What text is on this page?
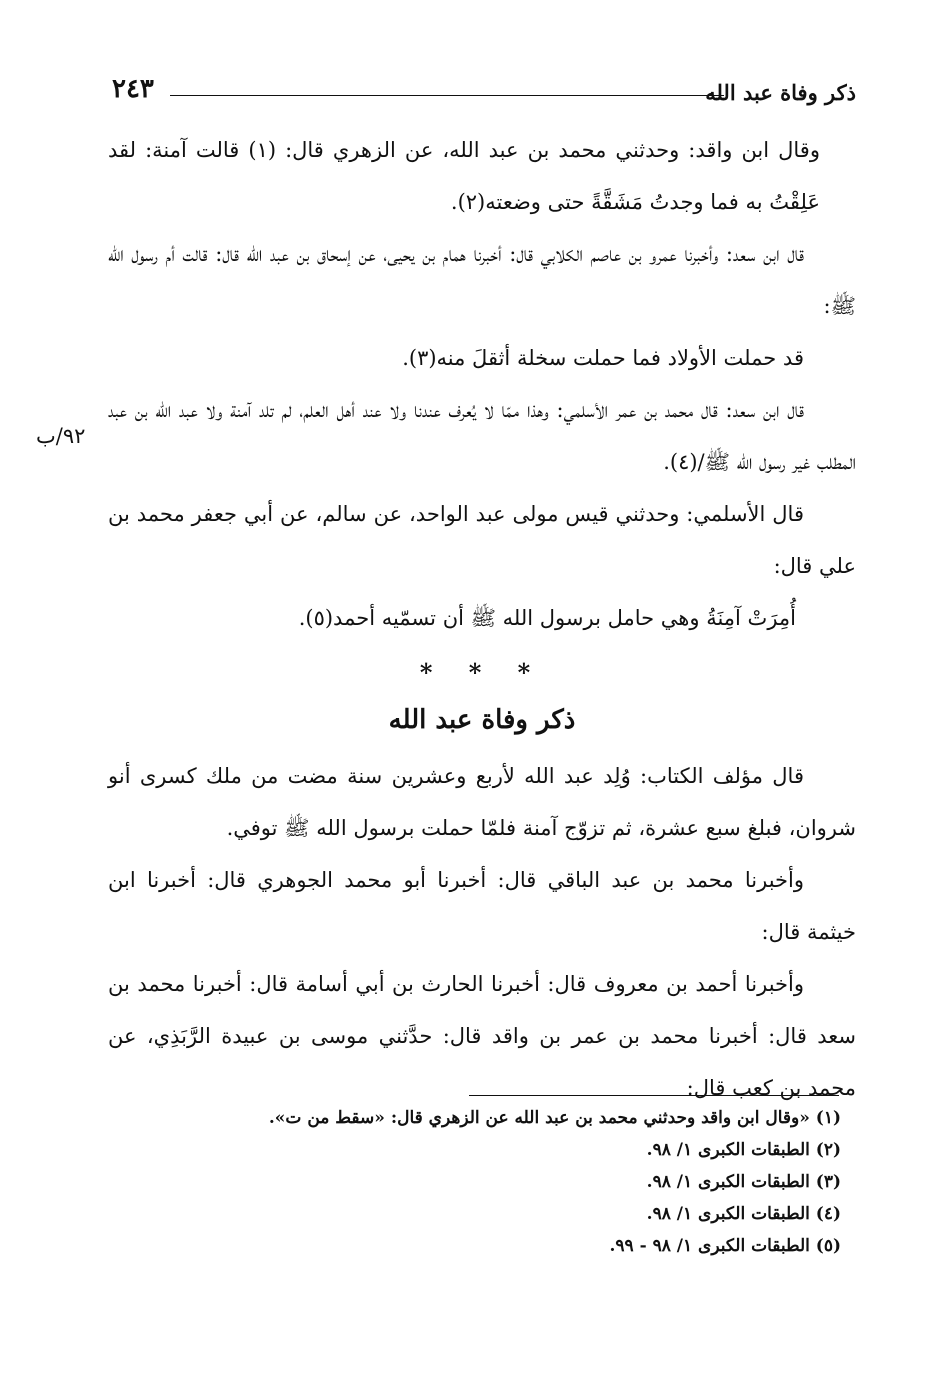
٢٤٣	ذكر وفاة عبد الله
٩٢/ب

وقال ابن واقد: وحدثني محمد بن عبد الله، عن الزهري قال: (١) قالت آمنة: لقد عَلِقْتُ به فما وجدتُ مَشَقَّةً حتى وضعته(٢).

قال ابن سعد: وأخبرنا عمرو بن عاصم الكلابي قال: أخبرنا همام بن يحيى، عن إسحاق بن عبد الله قال: قالت أم رسول الله ﷺ:

قد حملت الأولاد فما حملت سخلة أثقلَ منه(٣).

قال ابن سعد: قال محمد بن عمر الأسلمي: وهذا ممّا لا يُعرف عندنا ولا عند أهل العلم، لم تلد آمنة ولا عبد الله بن عبد المطلب غير رسول الله ﷺ/(٤).

قال الأسلمي: وحدثني قيس مولى عبد الواحد، عن سالم، عن أبي جعفر محمد بن علي قال:

أُمِرَتْ آمِنَةُ وهي حامل برسول الله ﷺ أن تسمّيه أحمد(٥).

* * *
ذكر وفاة عبد الله

قال مؤلف الكتاب: وُلِد عبد الله لأربع وعشرين سنة مضت من ملك كسرى أنو شروان، فبلغ سبع عشرة، ثم تزوّج آمنة فلمّا حملت برسول الله ﷺ توفي.

وأخبرنا محمد بن عبد الباقي قال: أخبرنا أبو محمد الجوهري قال: أخبرنا ابن خيثمة قال:

وأخبرنا أحمد بن معروف قال: أخبرنا الحارث بن أبي أسامة قال: أخبرنا محمد بن سعد قال: أخبرنا محمد بن عمر بن واقد قال: حدَّثني موسى بن عبيدة الرَّبَذِي، عن محمد بن كعب قال:

(١) «وقال ابن واقد وحدثني محمد بن عبد الله عن الزهري قال: «سقط من ت».

(٢) الطبقات الكبرى ١/ ٩٨.

(٣) الطبقات الكبرى ١/ ٩٨.

(٤) الطبقات الكبرى ١/ ٩٨.

(٥) الطبقات الكبرى ١/ ٩٨ - ٩٩.
